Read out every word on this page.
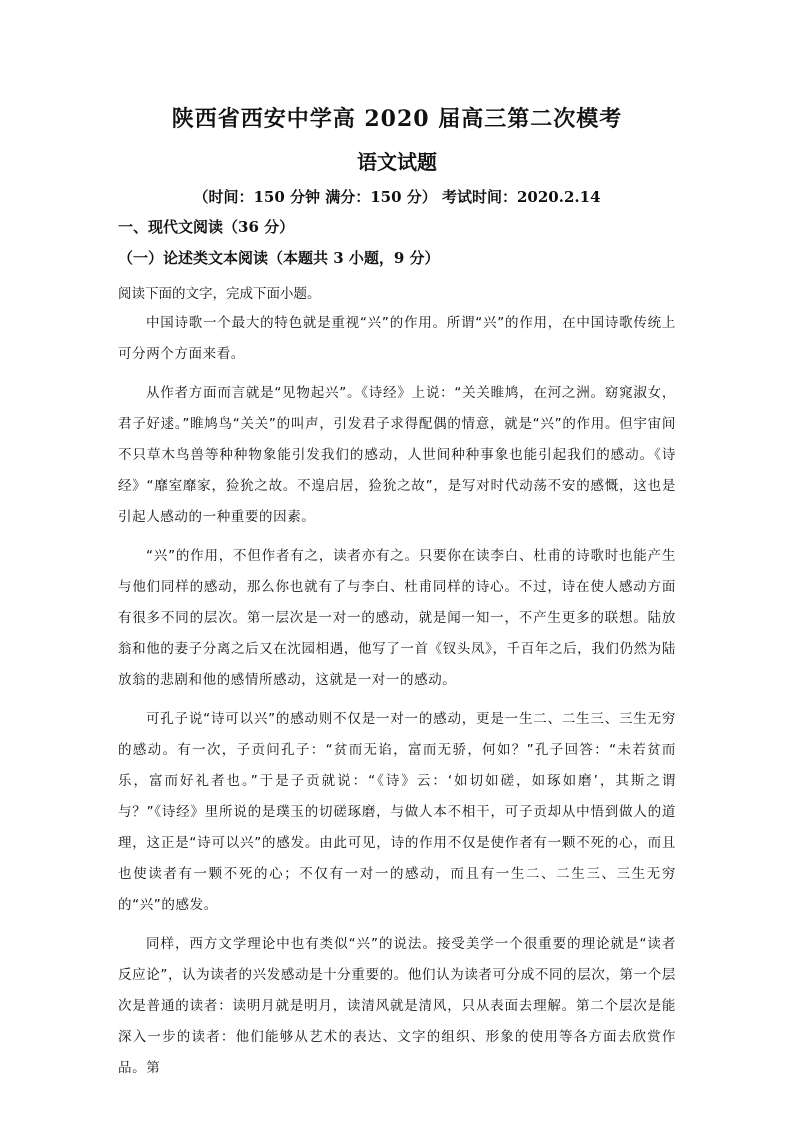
陕西省西安中学高 2020 届高三第二次模考
语文试题
（时间：150 分钟 满分：150 分） 考试时间：2020.2.14
一、现代文阅读（36 分）
（一）论述类文本阅读（本题共 3 小题，9 分）
阅读下面的文字，完成下面小题。

中国诗歌一个最大的特色就是重视“兴”的作用。所谓“兴”的作用，在中国诗歌传统上可分两个方面来看。

从作者方面而言就是“见物起兴”。《诗经》上说：“关关睢鸠，在河之洲。窈窕淑女，君子好逑。”睢鸠鸟“关关”的叫声，引发君子求得配偶的情意，就是“兴”的作用。但宇宙间不只草木鸟兽等种种物象能引发我们的感动，人世间种种事象也能引起我们的感动。《诗经》“靡室靡家，猃狁之故。不遑启居，猃狁之故”，是写对时代动荡不安的感慨，这也是引起人感动的一种重要的因素。

“兴”的作用，不但作者有之，读者亦有之。只要你在读李白、杜甫的诗歌时也能产生与他们同样的感动，那么你也就有了与李白、杜甫同样的诗心。不过，诗在使人感动方面有很多不同的层次。第一层次是一对一的感动，就是闻一知一，不产生更多的联想。陆放翁和他的妻子分离之后又在沈园相遇，他写了一首《钗头凤》，千百年之后，我们仍然为陆放翁的悲剧和他的感情所感动，这就是一对一的感动。

可孔子说“诗可以兴”的感动则不仅是一对一的感动，更是一生二、二生三、三生无穷的感动。有一次，子贡问孔子：“贫而无谄，富而无骄，何如？”孔子回答：“未若贫而乐，富而好礼者也。”于是子贡就说：“《诗》云：‘如切如磋，如琢如磨’，其斯之谓与？”《诗经》里所说的是璞玉的切磋琢磨，与做人本不相干，可子贡却从中悟到做人的道理，这正是“诗可以兴”的感发。由此可见，诗的作用不仅是使作者有一颗不死的心，而且也使读者有一颗不死的心；不仅有一对一的感动，而且有一生二、二生三、三生无穷的“兴”的感发。

同样，西方文学理论中也有类似“兴”的说法。接受美学一个很重要的理论就是“读者反应论”，认为读者的兴发感动是十分重要的。他们认为读者可分成不同的层次，第一个层次是普通的读者：读明月就是明月，读清风就是清风，只从表面去理解。第二个层次是能深入一步的读者：他们能够从艺术的表达、文字的组织、形象的使用等各方面去欣赏作品。第
